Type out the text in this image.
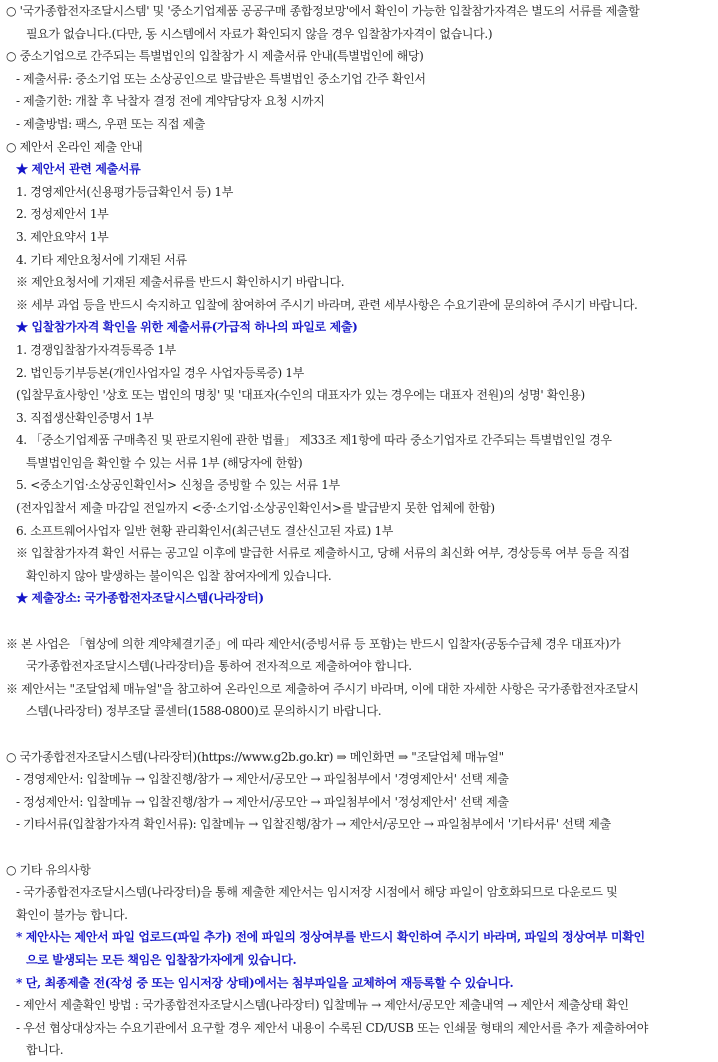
○ '국가종합전자조달시스템' 및 '중소기업제품 공공구매 종합정보망'에서 확인이 가능한 입찰참가자격은 별도의 서류를 제출할
필요가 없습니다.(다만, 동 시스템에서 자료가 확인되지 않을 경우 입찰참가자격이 없습니다.)
○ 중소기업으로 간주되는 특별법인의 입찰참가 시 제출서류 안내(특별법인에 해당)
- 제출서류: 중소기업 또는 소상공인으로 발급받은 특별법인 중소기업 간주 확인서
- 제출기한: 개찰 후 낙찰자 결정 전에 계약담당자 요청 시까지
- 제출방법: 팩스, 우편 또는 직접 제출
○ 제안서 온라인 제출 안내
★ 제안서 관련 제출서류
1. 경영제안서(신용평가등급확인서 등) 1부
2. 정성제안서 1부
3. 제안요약서 1부
4. 기타 제안요청서에 기재된 서류
※ 제안요청서에 기재된 제출서류를 반드시 확인하시기 바랍니다.
※ 세부 과업 등을 반드시 숙지하고 입찰에 참여하여 주시기 바라며, 관련 세부사항은 수요기관에 문의하여 주시기 바랍니다.
★ 입찰참가자격 확인을 위한 제출서류(가급적 하나의 파일로 제출)
1. 경쟁입찰참가자격등록증 1부
2. 법인등기부등본(개인사업자일 경우 사업자등록증) 1부
(입찰무효사항인 '상호 또는 법인의 명칭' 및 '대표자(수인의 대표자가 있는 경우에는 대표자 전원)의 성명' 확인용)
3. 직접생산확인증명서 1부
4. 「중소기업제품 구매촉진 및 판로지원에 관한 법률」 제33조 제1항에 따라 중소기업자로 간주되는 특별법인일 경우
특별법인임을 확인할 수 있는 서류 1부 (해당자에 한함)
5. <중소기업·소상공인확인서> 신청을 증빙할 수 있는 서류 1부
(전자입찰서 제출 마감일 전일까지 <중·소기업·소상공인확인서>를 발급받지 못한 업체에 한함)
6. 소프트웨어사업자 일반 현황 관리확인서(최근년도 결산신고된 자료) 1부
※ 입찰참가자격 확인 서류는 공고일 이후에 발급한 서류로 제출하시고, 당해 서류의 최신화 여부, 경상등록 여부 등을 직접
확인하지 않아 발생하는 불이익은 입찰 참여자에게 있습니다.
★ 제출장소: 국가종합전자조달시스템(나라장터)
※ 본 사업은 「협상에 의한 계약체결기준」에 따라 제안서(증빙서류 등 포함)는 반드시 입찰자(공동수급체 경우 대표자)가
국가종합전자조달시스템(나라장터)을 통하여 전자적으로 제출하여야 합니다.
※ 제안서는 "조달업체 매뉴얼"을 참고하여 온라인으로 제출하여 주시기 바라며, 이에 대한 자세한 사항은 국가종합전자조달시
스템(나라장터) 정부조달 콜센터(1588-0800)로 문의하시기 바랍니다.
○ 국가종합전자조달시스템(나라장터)(https://www.g2b.go.kr) ⇒ 메인화면 ⇒ "조달업체 매뉴얼"
- 경영제안서: 입찰메뉴 → 입찰진행/참가 → 제안서/공모안 → 파일첨부에서 '경영제안서' 선택 제출
- 정성제안서: 입찰메뉴 → 입찰진행/참가 → 제안서/공모안 → 파일첨부에서 '정성제안서' 선택 제출
- 기타서류(입찰참가자격 확인서류): 입찰메뉴 → 입찰진행/참가 → 제안서/공모안 → 파일첨부에서 '기타서류' 선택 제출
○ 기타 유의사항
- 국가종합전자조달시스템(나라장터)을 통해 제출한 제안서는 임시저장 시점에서 해당 파일이 암호화되므로 다운로드 및
확인이 불가능 합니다.
* 제안사는 제안서 파일 업로드(파일 추가) 전에 파일의 정상여부를 반드시 확인하여 주시기 바라며, 파일의 정상여부 미확인
으로 발생되는 모든 책임은 입찰참가자에게 있습니다.
* 단, 최종제출 전(작성 중 또는 임시저장 상태)에서는 첨부파일을 교체하여 재등록할 수 있습니다.
- 제안서 제출확인 방법 : 국가종합전자조달시스템(나라장터) 입찰메뉴 → 제안서/공모안 제출내역 → 제안서 제출상태 확인
- 우선 협상대상자는 수요기관에서 요구할 경우 제안서 내용이 수록된 CD/USB 또는 인쇄물 형태의 제안서를 추가 제출하여야
합니다.
